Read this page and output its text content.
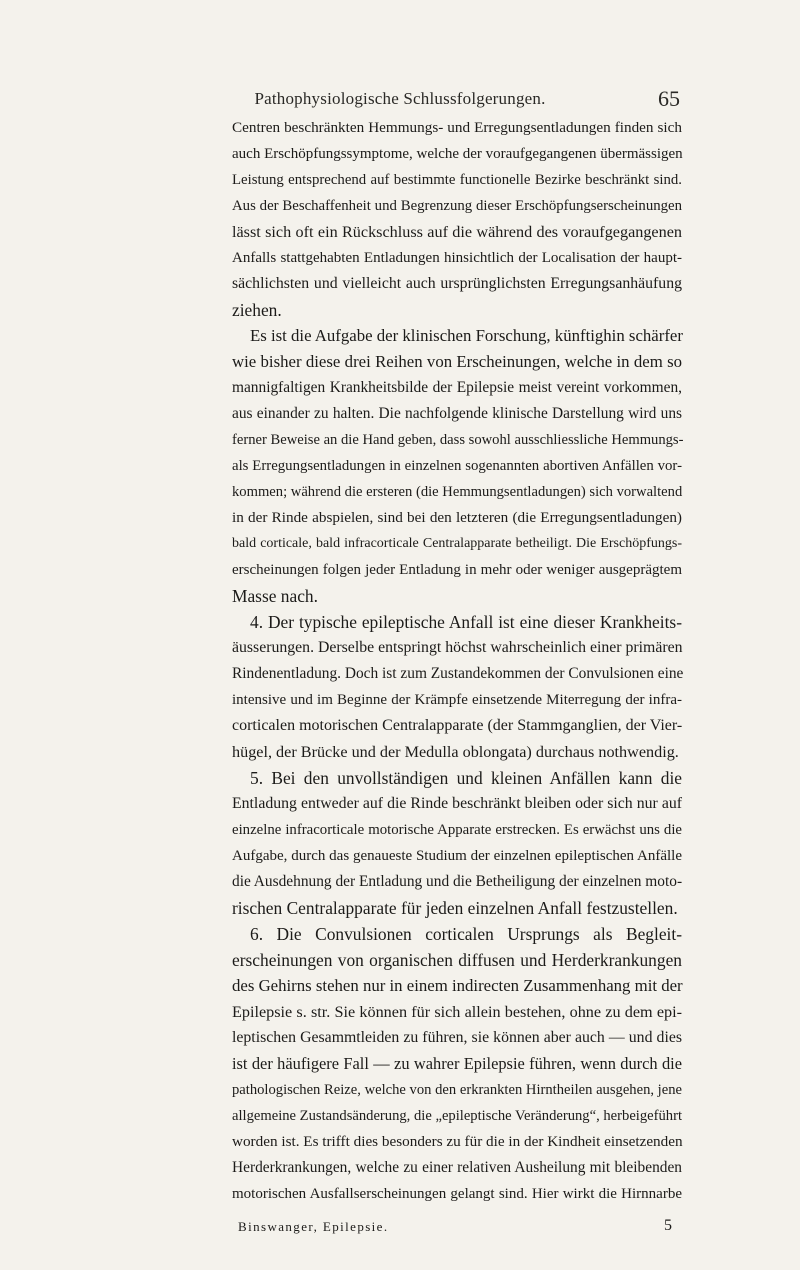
Pathophysiologische Schlussfolgerungen.	65
Centren beschränkten Hemmungs- und Erregungsentladungen finden sich
auch Erschöpfungssymptome, welche der voraufgegangenen übermässigen
Leistung entsprechend auf bestimmte functionelle Bezirke beschränkt sind.
Aus der Beschaffenheit und Begrenzung dieser Erschöpfungserscheinungen
lässt sich oft ein Rückschluss auf die während des voraufgegangenen
Anfalls stattgehabten Entladungen hinsichtlich der Localisation der haupt-
sächlichsten und vielleicht auch ursprünglichsten Erregungsanhäufung
ziehen.
Es ist die Aufgabe der klinischen Forschung, künftighin schärfer
wie bisher diese drei Reihen von Erscheinungen, welche in dem so
mannigfaltigen Krankheitsbilde der Epilepsie meist vereint vorkommen,
aus einander zu halten. Die nachfolgende klinische Darstellung wird uns
ferner Beweise an die Hand geben, dass sowohl ausschliessliche Hemmungs-
als Erregungsentladungen in einzelnen sogenannten abortiven Anfällen vor-
kommen; während die ersteren (die Hemmungsentladungen) sich vorwaltend
in der Rinde abspielen, sind bei den letzteren (die Erregungsentladungen)
bald corticale, bald infracorticale Centralapparate betheiligt. Die Erschöpfungs-
erscheinungen folgen jeder Entladung in mehr oder weniger ausgeprägtem
Masse nach.
4. Der typische epileptische Anfall ist eine dieser Krankheits-
äusserungen. Derselbe entspringt höchst wahrscheinlich einer primären
Rindenentladung. Doch ist zum Zustandekommen der Convulsionen eine
intensive und im Beginne der Krämpfe einsetzende Miterregung der infra-
corticalen motorischen Centralapparate (der Stammganglien, der Vier-
hügel, der Brücke und der Medulla oblongata) durchaus nothwendig.
5. Bei den unvollständigen und kleinen Anfällen kann die
Entladung entweder auf die Rinde beschränkt bleiben oder sich nur auf
einzelne infracorticale motorische Apparate erstrecken. Es erwächst uns die
Aufgabe, durch das genaueste Studium der einzelnen epileptischen Anfälle
die Ausdehnung der Entladung und die Betheiligung der einzelnen moto-
rischen Centralapparate für jeden einzelnen Anfall festzustellen.
6. Die Convulsionen corticalen Ursprungs als Begleit-
erscheinungen von organischen diffusen und Herderkrankungen
des Gehirns stehen nur in einem indirecten Zusammenhang mit der
Epilepsie s. str. Sie können für sich allein bestehen, ohne zu dem epi-
leptischen Gesammtleiden zu führen, sie können aber auch — und dies
ist der häufigere Fall — zu wahrer Epilepsie führen, wenn durch die
pathologischen Reize, welche von den erkrankten Hirntheilen ausgehen, jene
allgemeine Zustandsänderung, die „epileptische Veränderung“, herbeigeführt
worden ist. Es trifft dies besonders zu für die in der Kindheit einsetzenden
Herderkrankungen, welche zu einer relativen Ausheilung mit bleibenden
motorischen Ausfallserscheinungen gelangt sind. Hier wirkt die Hirnnarbe
Binswanger, Epilepsie.	5
